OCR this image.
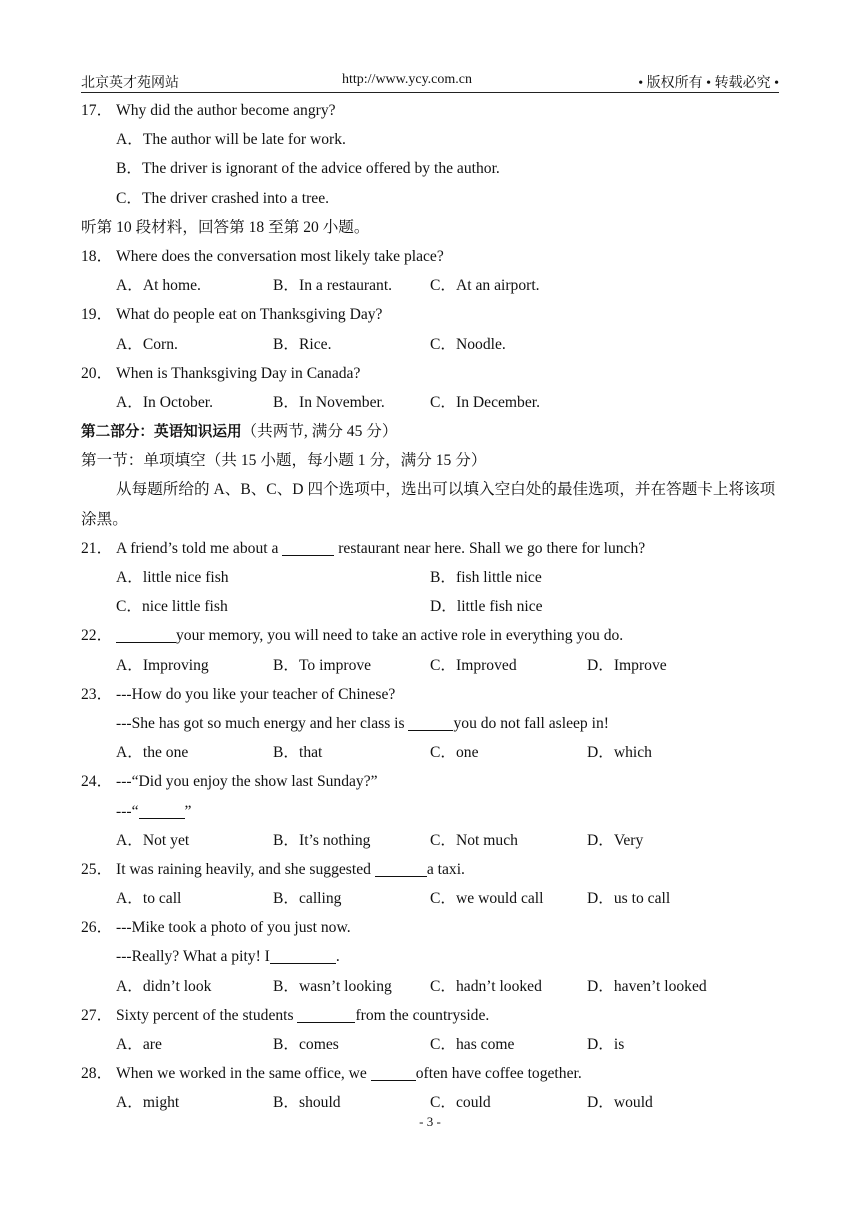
北京英才苑网站	http://www.ycy.com.cn	• 版权所有 • 转载必究 •
17． Why did the author become angry?
A．The author will be late for work.
B．The driver is ignorant of the advice offered by the author.
C．The driver crashed into a tree.
听第 10 段材料，回答第 18 至第 20 小题。
18． Where does the conversation most likely take place?
A．At home.	B．In a restaurant. C．At an airport.
19． What do people eat on Thanksgiving Day?
A．Corn.	B．Rice.	C．Noodle.
20． When is Thanksgiving Day in Canada?
A．In October.	B．In November.	C．In December.
第二部分：英语知识运用（共两节, 满分 45 分）
第一节：单项填空（共 15 小题，每小题 1 分，满分 15 分）
从每题所给的 A、B、C、D 四个选项中，选出可以填入空白处的最佳选项，并在答题卡上将该项涂黑。
21． A friend’s told me about a	restaurant near here. Shall we go there for lunch?
A．little nice fish	B．fish little nice
C．nice little fish	D．little fish nice
22．	your memory, you will need to take an active role in everything you do.
A．Improving	B．To improve	C．Improved	D．Improve
23． ---How do you like your teacher of Chinese?
---She has got so much energy and her class is	you do not fall asleep in!
A．the one	B．that	C．one	D．which
24． ---“Did you enjoy the show last Sunday?”
---“	”
A．Not yet	B．It’s nothing	C．Not much	D．Very
25． It was raining heavily, and she suggested	a taxi.
A．to call	B．calling	C．we would call	D．us to call
26． ---Mike took a photo of you just now.
---Really? What a pity! I	.
A．didn’t look	B．wasn’t looking C．hadn’t looked	D．haven’t looked
27． Sixty percent of the students	from the countryside.
A．are	B．comes	C．has come	D．is
28． When we worked in the same office, we	often have coffee together.
A．might	B．should	C．could	D．would
- 3 -
